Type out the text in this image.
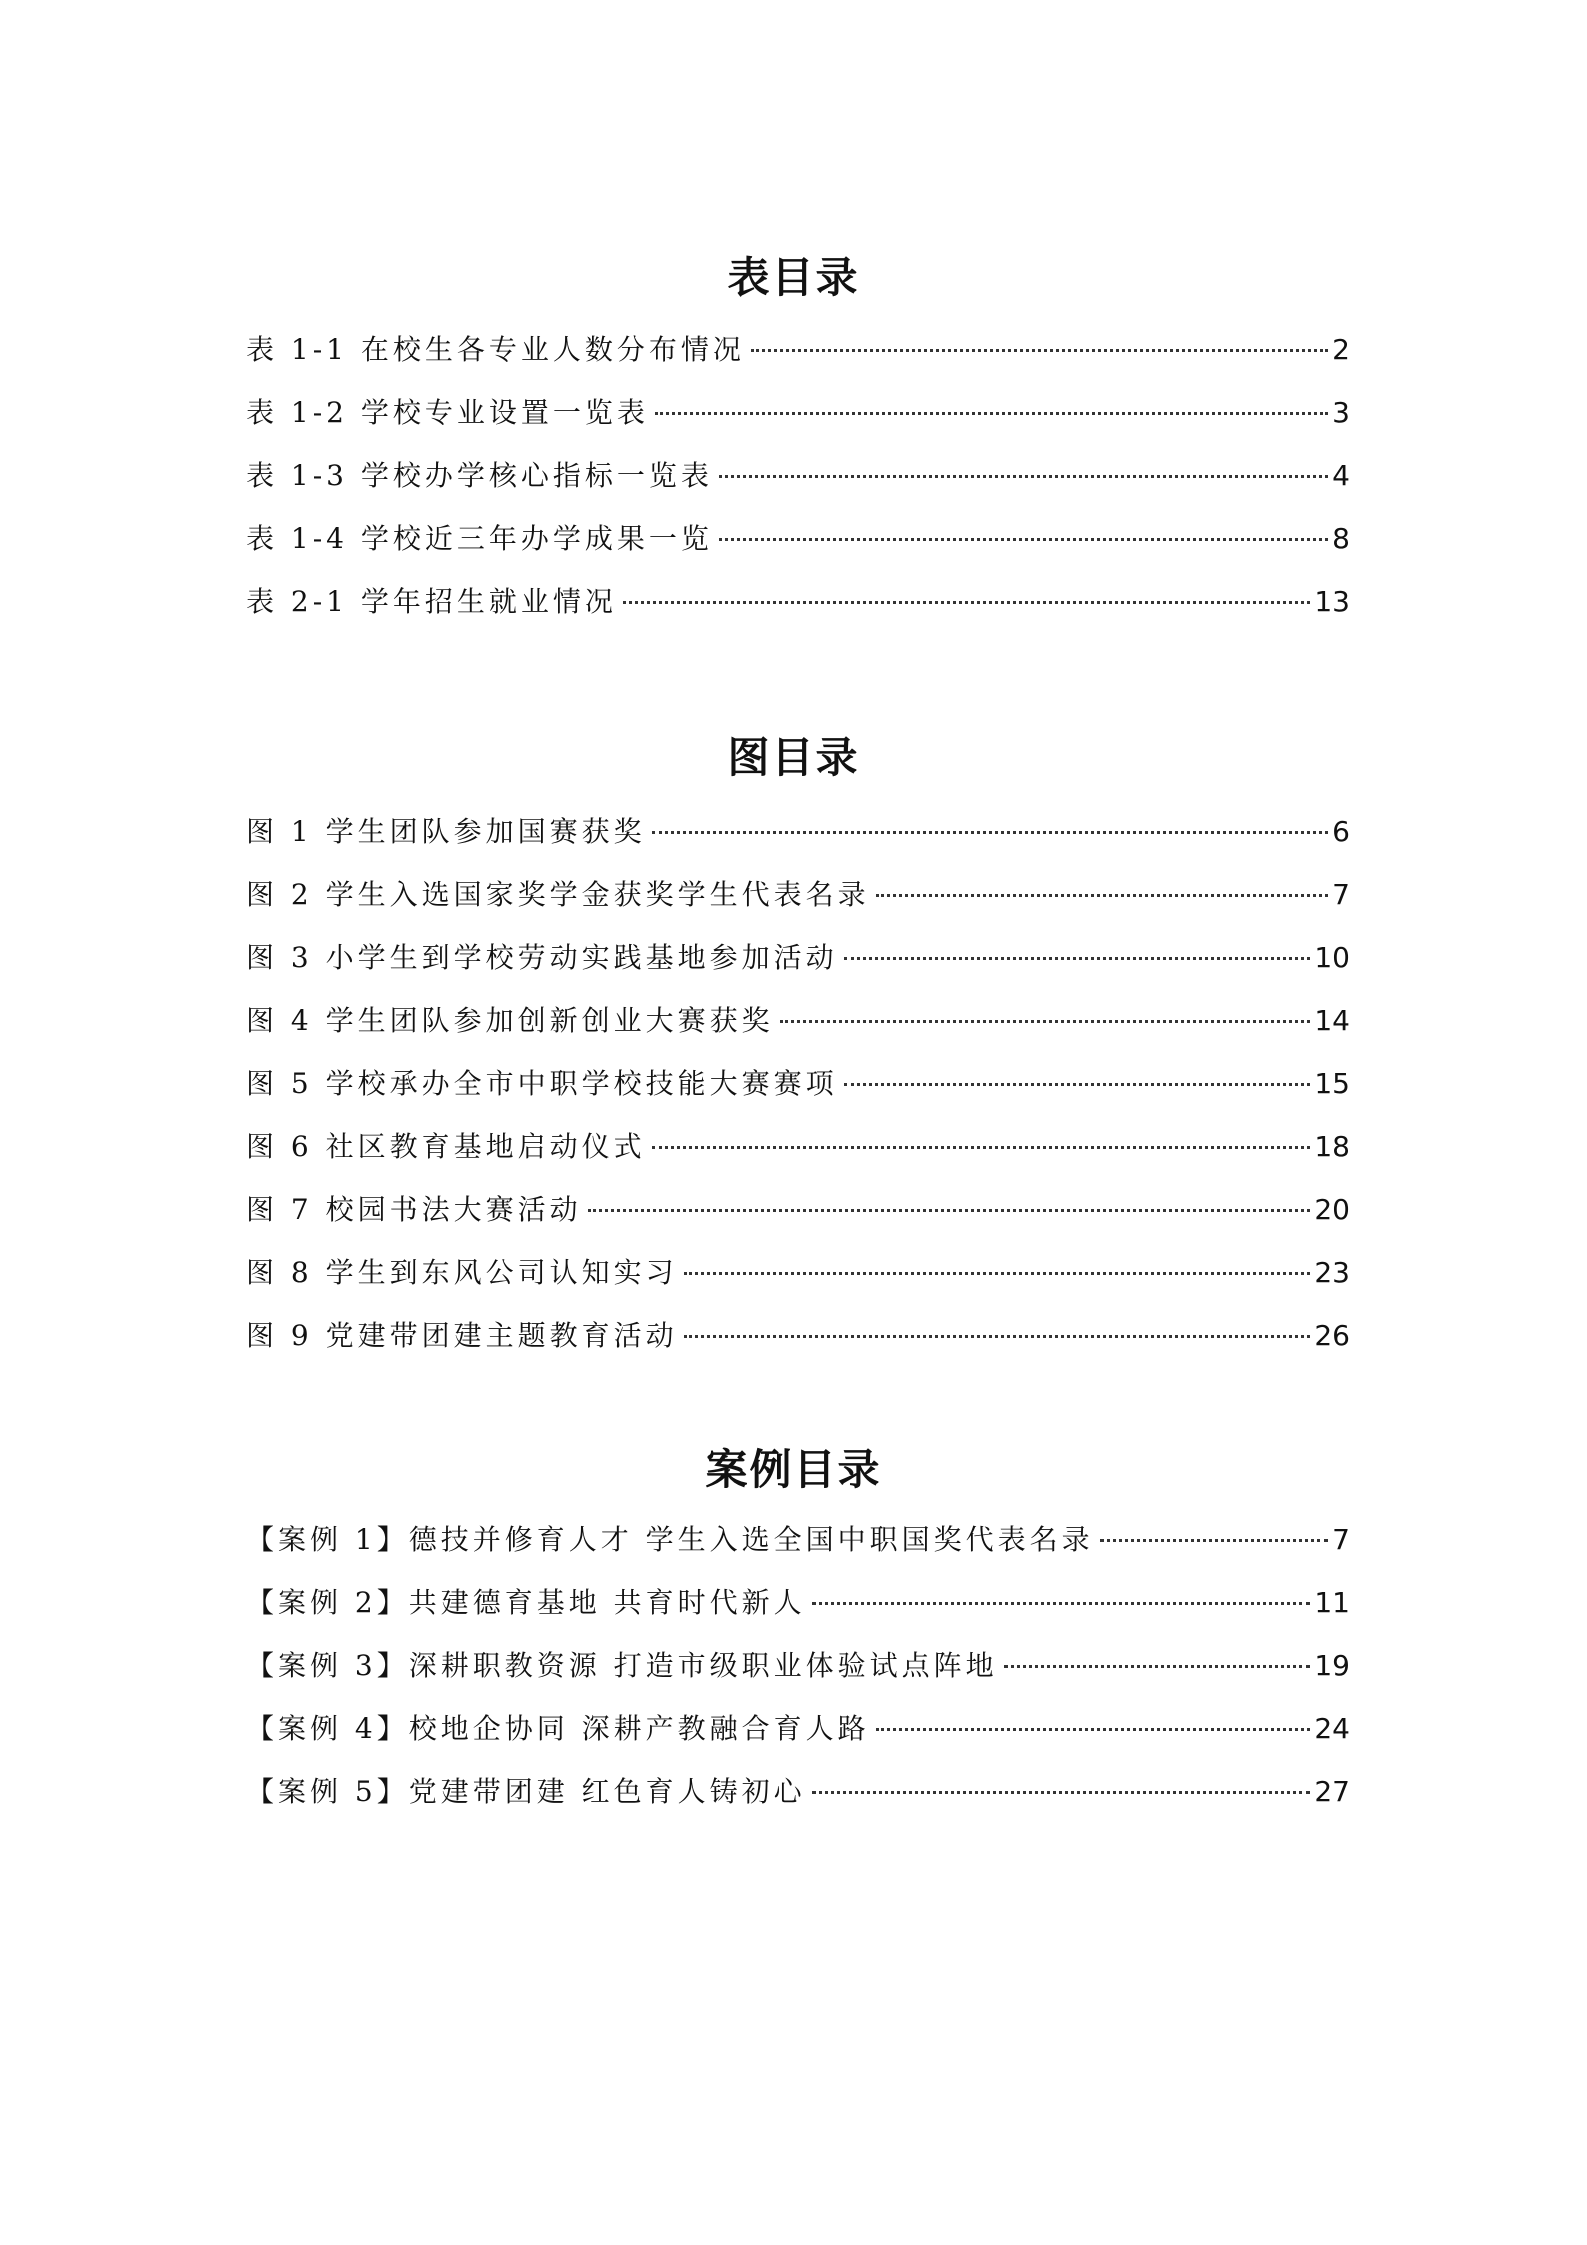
表目录
表 1-1 在校生各专业人数分布情况	2
表 1-2 学校专业设置一览表	3
表 1-3 学校办学核心指标一览表	4
表 1-4 学校近三年办学成果一览	8
表 2-1 学年招生就业情况	13
图目录
图 1 学生团队参加国赛获奖	6
图 2 学生入选国家奖学金获奖学生代表名录	7
图 3 小学生到学校劳动实践基地参加活动	10
图 4 学生团队参加创新创业大赛获奖	14
图 5 学校承办全市中职学校技能大赛赛项	15
图 6 社区教育基地启动仪式	18
图 7 校园书法大赛活动	20
图 8 学生到东风公司认知实习	23
图 9 党建带团建主题教育活动	26
案例目录
【案例 1】德技并修育人才 学生入选全国中职国奖代表名录	7
【案例 2】共建德育基地 共育时代新人	11
【案例 3】深耕职教资源 打造市级职业体验试点阵地	19
【案例 4】校地企协同 深耕产教融合育人路	24
【案例 5】党建带团建 红色育人铸初心	27
